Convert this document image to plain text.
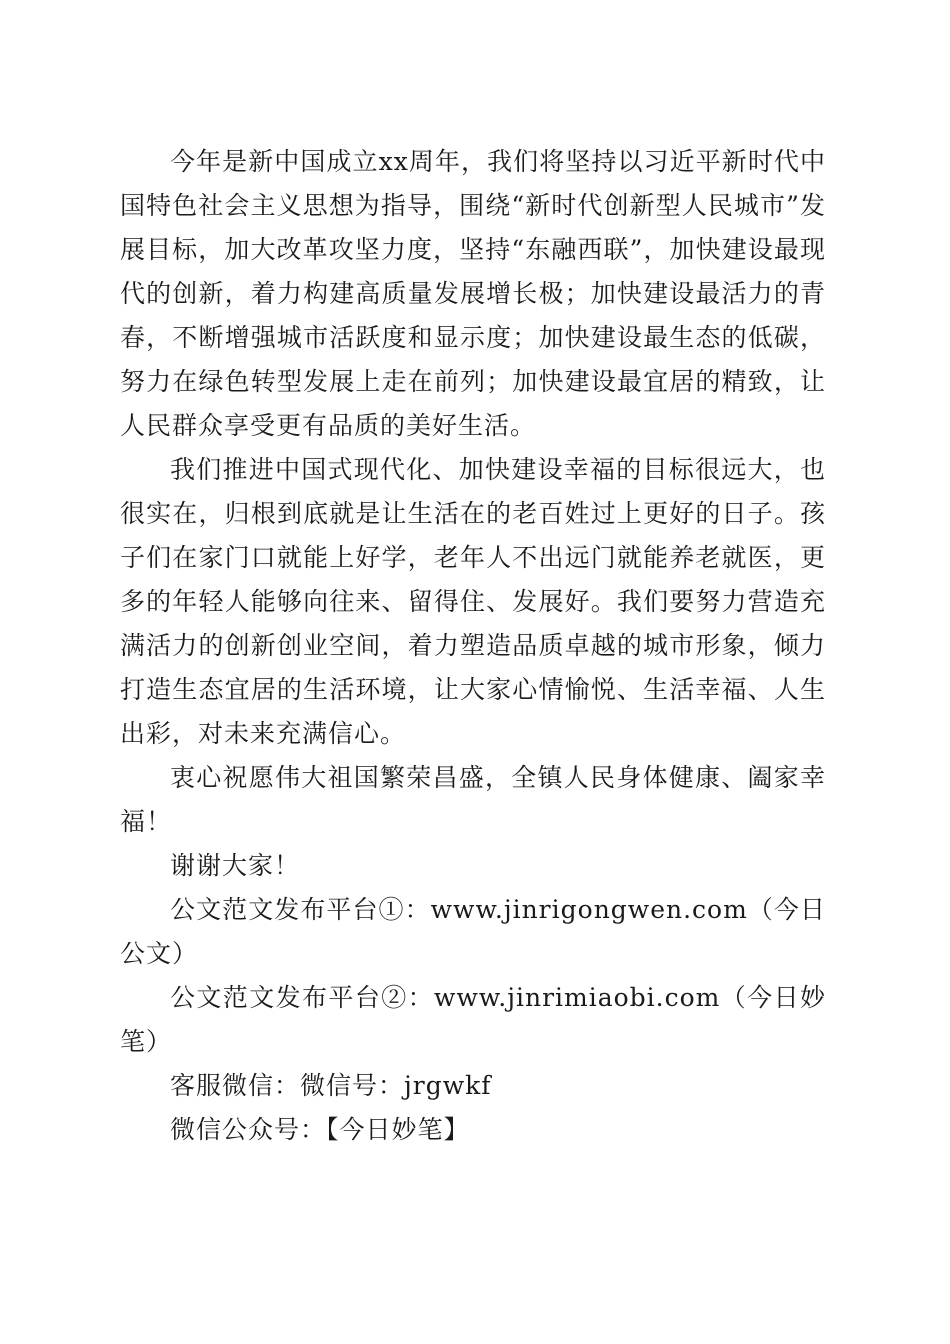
今年是新中国成立xx周年，我们将坚持以习近平新时代中国特色社会主义思想为指导，围绕“新时代创新型人民城市”发展目标，加大改革攻坚力度，坚持“东融西联”，加快建设最现代的创新，着力构建高质量发展增长极；加快建设最活力的青春，不断增强城市活跃度和显示度；加快建设最生态的低碳，努力在绿色转型发展上走在前列；加快建设最宜居的精致，让人民群众享受更有品质的美好生活。

我们推进中国式现代化、加快建设幸福的目标很远大，也很实在，归根到底就是让生活在的老百姓过上更好的日子。孩子们在家门口就能上好学，老年人不出远门就能养老就医，更多的年轻人能够向往来、留得住、发展好。我们要努力营造充满活力的创新创业空间，着力塑造品质卓越的城市形象，倾力打造生态宜居的生活环境，让大家心情愉悦、生活幸福、人生出彩，对未来充满信心。

衷心祝愿伟大祖国繁荣昌盛，全镇人民身体健康、阖家幸福！

谢谢大家！

公文范文发布平台①：www.jinrigongwen.com（今日公文）

公文范文发布平台②：www.jinrimiaobi.com（今日妙笔）

客服微信：微信号：jrgwkf

微信公众号：【今日妙笔】
